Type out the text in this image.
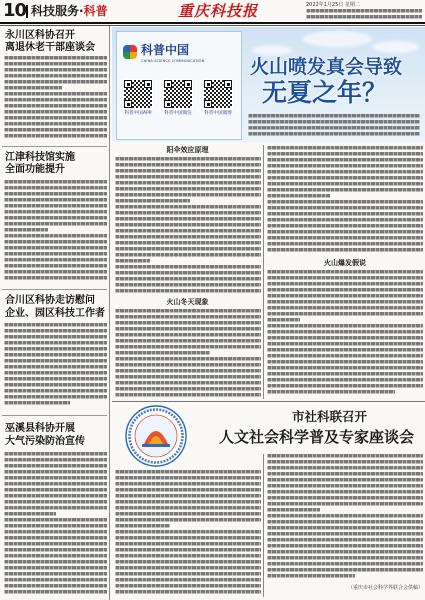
10 科技服务·科普	重庆科技报	2022年1月25日 星期二
永川区科协召开
离退休老干部座谈会
江津科技馆实施
全面功能提升
合川区科协走访慰问
企业、园区科技工作者
巫溪县科协开展
大气污染防治宣传
科普中国
CHINA SCIENCE COMMUNICATION
科普中国APP	科普中国微信	科普中国微博
火山喷发真会导致
无夏之年？
阳伞效应原理
火山冬天现象
火山爆发假说
市社科联召开
人文社会科学普及专家座谈会
（重庆市社会科学界联合会供稿）
